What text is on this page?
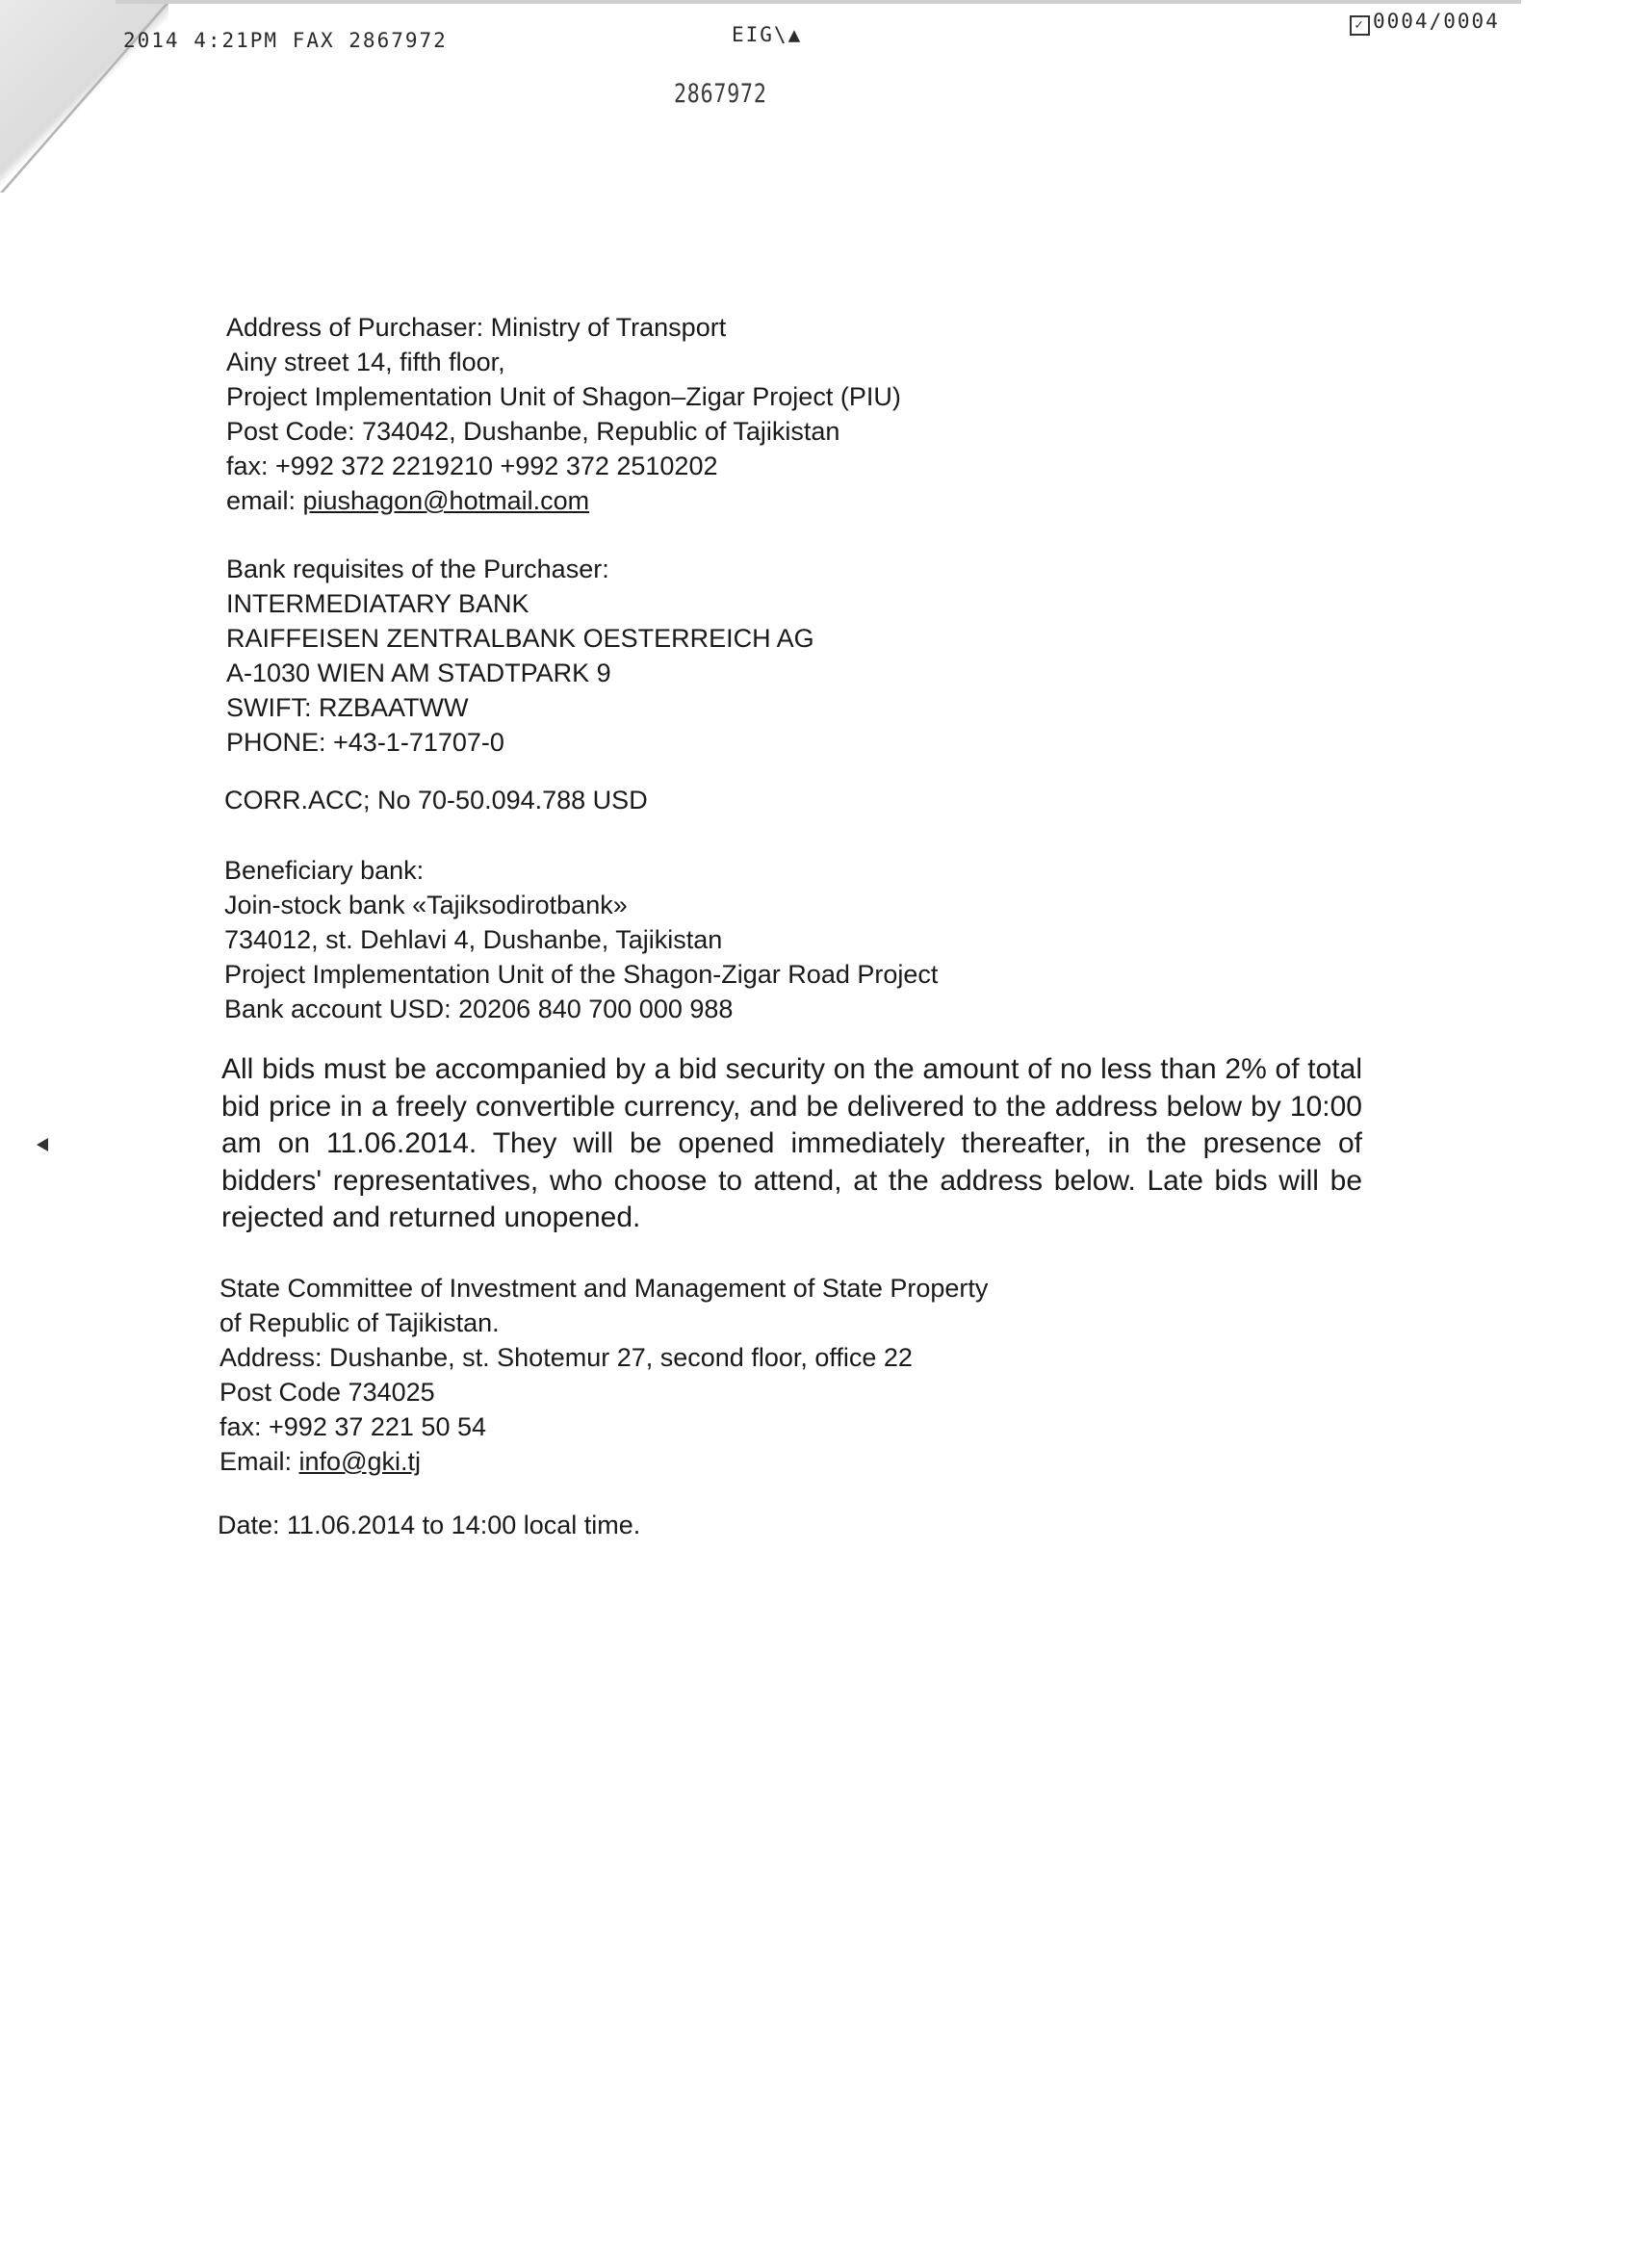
2014 4:21PM FAX 2867972	EIG\▲	✓ 0004/0004
2867972
Address of Purchaser: Ministry of Transport
Ainy street 14, fifth floor,
Project Implementation Unit of Shagon–Zigar Project (PIU)
Post Code: 734042, Dushanbe, Republic of Tajikistan
fax: +992 372 2219210 +992 372 2510202
email: piushagon@hotmail.com
Bank requisites of the Purchaser:
INTERMEDIATARY BANK
RAIFFEISEN ZENTRALBANK OESTERREICH AG
A-1030 WIEN AM STADTPARK 9
SWIFT: RZBAATWW
PHONE: +43-1-71707-0
CORR.ACC; No 70-50.094.788 USD
Beneficiary bank:
Join-stock bank «Tajiksodirotbank»
734012, st. Dehlavi 4, Dushanbe, Tajikistan
Project Implementation Unit of the Shagon-Zigar Road Project
Bank account USD: 20206 840 700 000 988
All bids must be accompanied by a bid security on the amount of no less than 2% of total bid price in a freely convertible currency, and be delivered to the address below by 10:00 am on 11.06.2014. They will be opened immediately thereafter, in the presence of bidders' representatives, who choose to attend, at the address below. Late bids will be rejected and returned unopened.
State Committee of Investment and Management of State Property
of Republic of Tajikistan.
Address: Dushanbe, st. Shotemur 27, second floor, office 22
Post Code 734025
fax: +992 37 221 50 54
Email: info@gki.tj
Date: 11.06.2014 to 14:00 local time.
